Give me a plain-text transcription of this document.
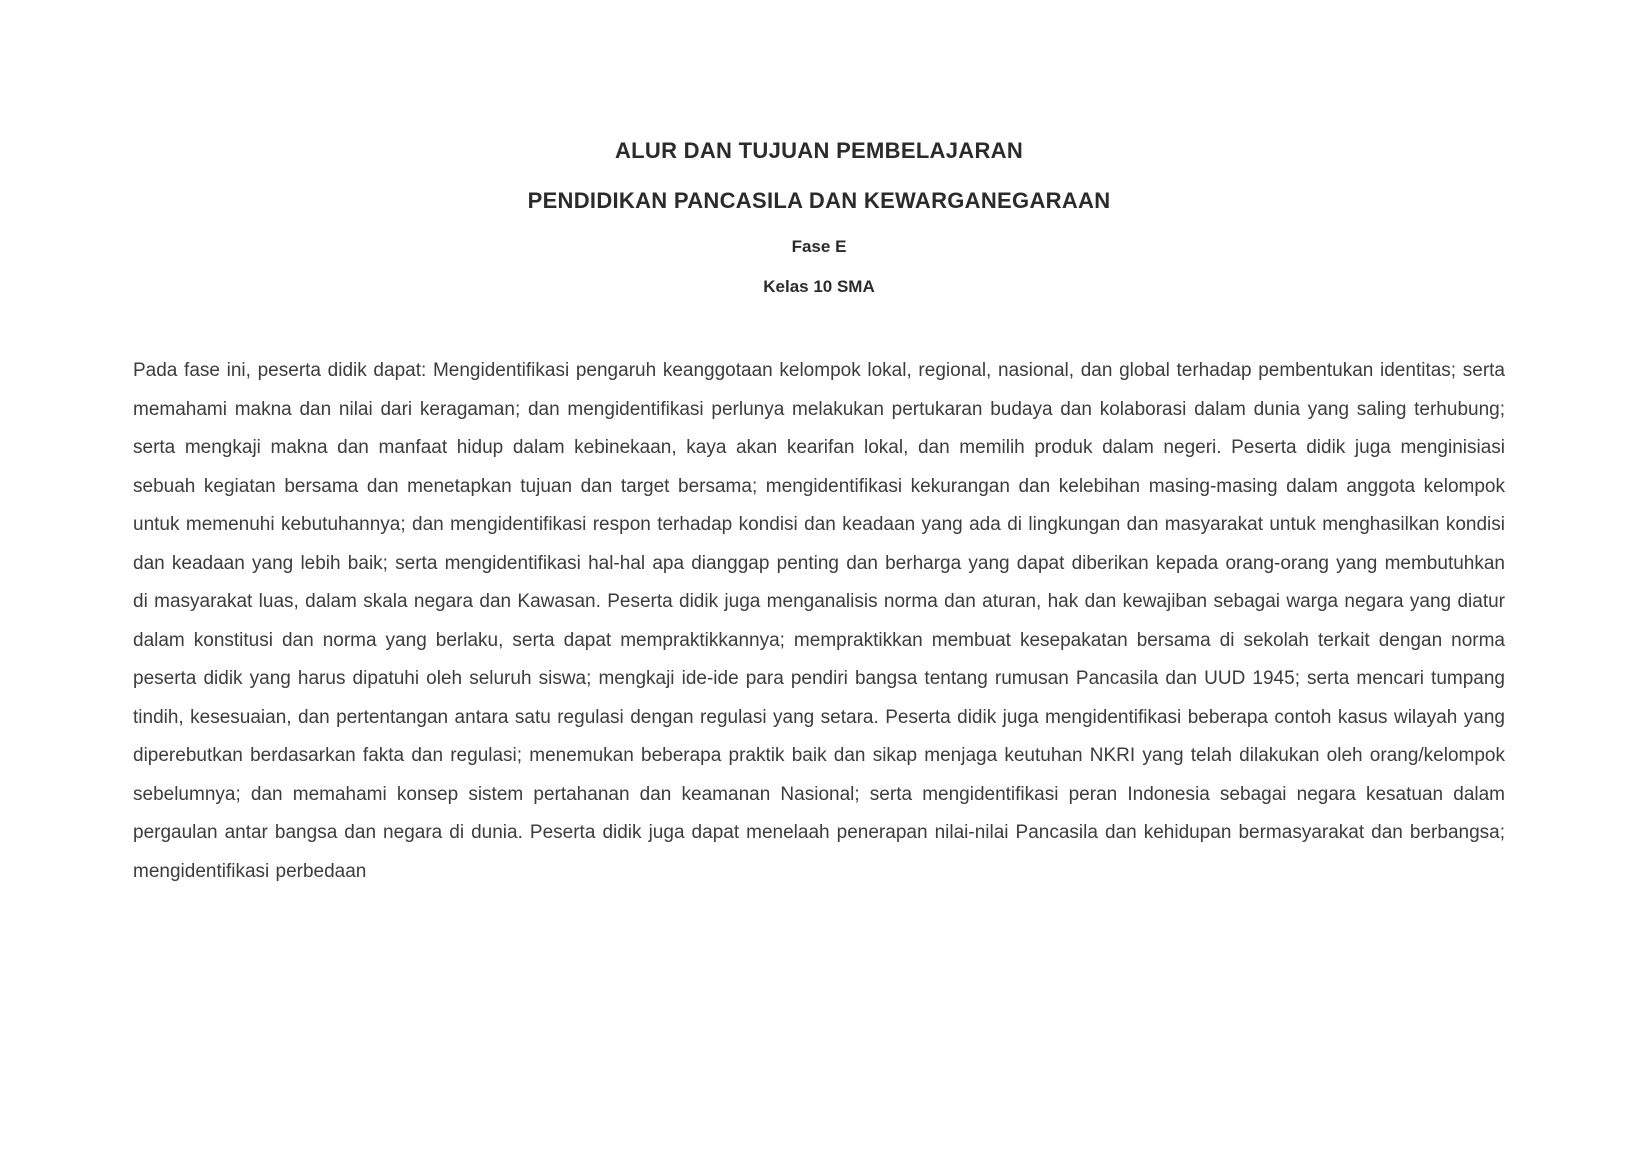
ALUR DAN TUJUAN PEMBELAJARAN
PENDIDIKAN PANCASILA DAN KEWARGANEGARAAN
Fase E
Kelas 10 SMA

Pada fase ini, peserta didik dapat: Mengidentifikasi pengaruh keanggotaan kelompok lokal, regional, nasional, dan global terhadap pembentukan identitas; serta memahami makna dan nilai dari keragaman; dan mengidentifikasi perlunya melakukan pertukaran budaya dan kolaborasi dalam dunia yang saling terhubung; serta mengkaji makna dan manfaat hidup dalam kebinekaan, kaya akan kearifan lokal, dan memilih produk dalam negeri. Peserta didik juga menginisiasi sebuah kegiatan bersama dan menetapkan tujuan dan target bersama; mengidentifikasi kekurangan dan kelebihan masing-masing dalam anggota kelompok untuk memenuhi kebutuhannya; dan mengidentifikasi respon terhadap kondisi dan keadaan yang ada di lingkungan dan masyarakat untuk menghasilkan kondisi dan keadaan yang lebih baik; serta mengidentifikasi hal-hal apa dianggap penting dan berharga yang dapat diberikan kepada orang-orang yang membutuhkan di masyarakat luas, dalam skala negara dan Kawasan. Peserta didik juga menganalisis norma dan aturan, hak dan kewajiban sebagai warga negara yang diatur dalam konstitusi dan norma yang berlaku, serta dapat mempraktikkannya; mempraktikkan membuat kesepakatan bersama di sekolah terkait dengan norma peserta didik yang harus dipatuhi oleh seluruh siswa; mengkaji ide-ide para pendiri bangsa tentang rumusan Pancasila dan UUD 1945; serta mencari tumpang tindih, kesesuaian, dan pertentangan antara satu regulasi dengan regulasi yang setara. Peserta didik juga mengidentifikasi beberapa contoh kasus wilayah yang diperebutkan berdasarkan fakta dan regulasi; menemukan beberapa praktik baik dan sikap menjaga keutuhan NKRI yang telah dilakukan oleh orang/kelompok sebelumnya; dan memahami konsep sistem pertahanan dan keamanan Nasional; serta mengidentifikasi peran Indonesia sebagai negara kesatuan dalam pergaulan antar bangsa dan negara di dunia. Peserta didik juga dapat menelaah penerapan nilai-nilai Pancasila dan kehidupan bermasyarakat dan berbangsa; mengidentifikasi perbedaan
